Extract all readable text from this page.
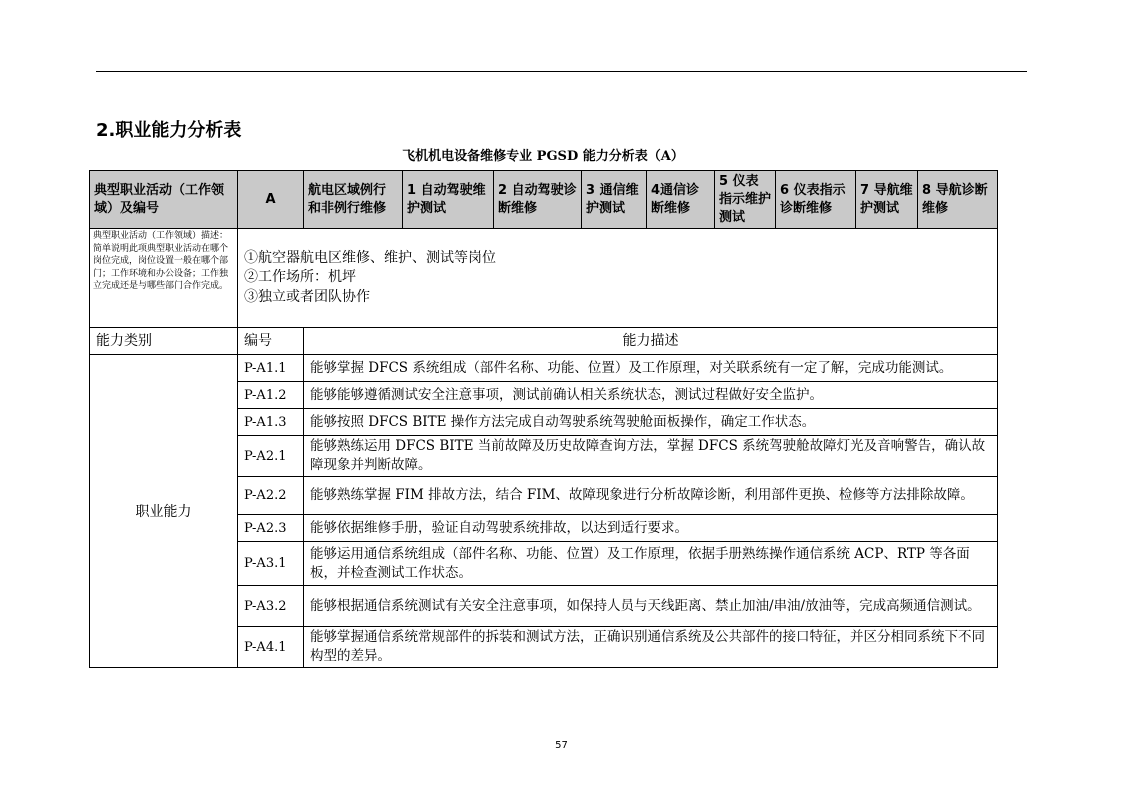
2.职业能力分析表
飞机机电设备维修专业 PGSD 能力分析表（A）
典型职业活动（工作领域）及编号	A	航电区域例行和非例行维修	1 自动驾驶维护测试	2 自动驾驶诊断维修	3 通信维护测试	4通信诊断维修	5 仪表指示维护测试	6 仪表指示诊断维修	7 导航维护测试	8 导航诊断维修
典型职业活动（工作领域）描述：简单说明此项典型职业活动在哪个岗位完成，岗位设置一般在哪个部门；工作环境和办公设备；工作独立完成还是与哪些部门合作完成。	①航空器航电区维修、维护、测试等岗位
②工作场所：机坪
③独立或者团队协作									

能力类别	编号	能力描述								
职业能力	P-A1.1	能够掌握 DFCS 系统组成（部件名称、功能、位置）及工作原理，对关联系统有一定了解，完成功能测试。								
	P-A1.2	能够能够遵循测试安全注意事项，测试前确认相关系统状态，测试过程做好安全监护。								
	P-A1.3	能够按照 DFCS BITE 操作方法完成自动驾驶系统驾驶舱面板操作，确定工作状态。								
	P-A2.1	能够熟练运用 DFCS BITE 当前故障及历史故障查询方法，掌握 DFCS 系统驾驶舱故障灯光及音响警告，确认故障现象并判断故障。								
	P-A2.2	能够熟练掌握 FIM 排故方法，结合 FIM、故障现象进行分析故障诊断，利用部件更换、检修等方法排除故障。								
	P-A2.3	能够依据维修手册，验证自动驾驶系统排故，以达到适行要求。								
	P-A3.1	能够运用通信系统组成（部件名称、功能、位置）及工作原理，依据手册熟练操作通信系统 ACP、RTP 等各面板，并检查测试工作状态。								
	P-A3.2	能够根据通信系统测试有关安全注意事项，如保持人员与天线距离、禁止加油/串油/放油等，完成高频通信测试。								
	P-A4.1	能够掌握通信系统常规部件的拆装和测试方法，正确识别通信系统及公共部件的接口特征，并区分相同系统下不同构型的差异。								
57
